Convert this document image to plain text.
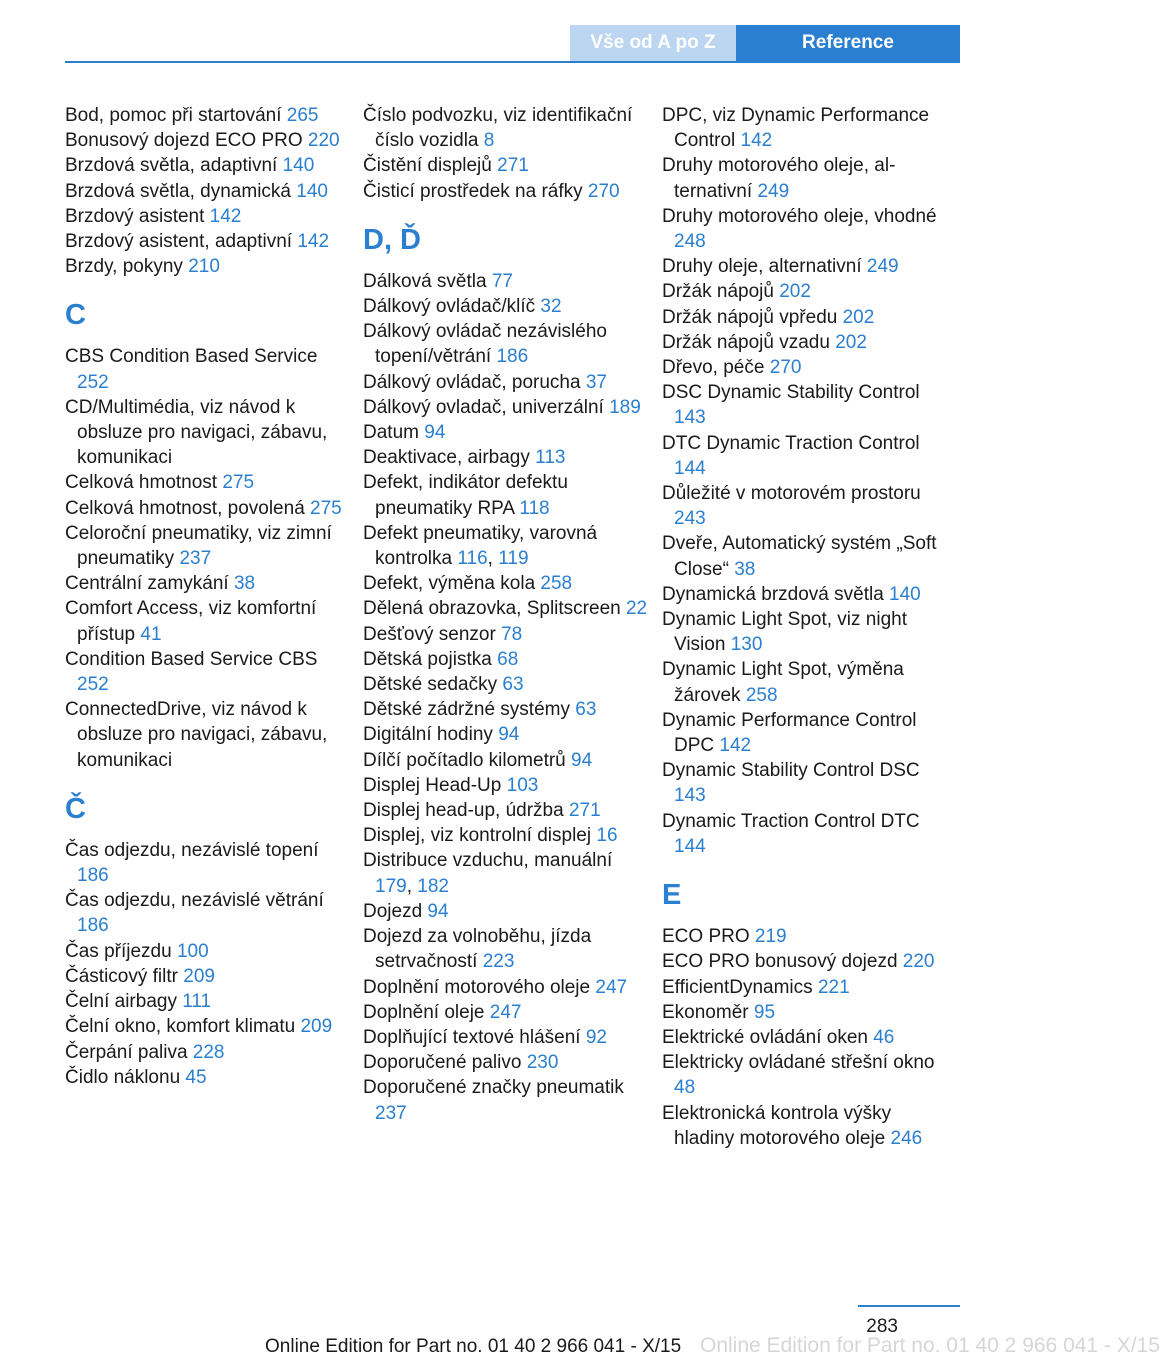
Vše od A po Z	Reference

Bod, pomoc při startování 265

Bonusový dojezd ECO PRO 220

Brzdová světla, adaptivní 140

Brzdová světla, dynamická 140

Brzdový asistent 142

Brzdový asistent, adaptivní 142

Brzdy, pokyny 210

C

CBS Condition Based Service 252

CD/Multimédia, viz návod k obsluze pro navigaci, zábavu, komunikaci

Celková hmotnost 275

Celková hmotnost, povolená 275

Celoroční pneumatiky, viz zimní pneumatiky 237

Centrální zamykání 38

Comfort Access, viz komfortní přístup 41

Condition Based Service CBS 252

ConnectedDrive, viz návod k obsluze pro navigaci, zábavu, komunikaci

Č

Čas odjezdu, nezávislé topení 186

Čas odjezdu, nezávislé větrání 186

Čas příjezdu 100

Částicový filtr 209

Čelní airbagy 111

Čelní okno, komfort klimatu 209

Čerpání paliva 228

Čidlo náklonu 45

Číslo podvozku, viz identifikační číslo vozidla 8

Čistění displejů 271

Čisticí prostředek na ráfky 270

D, Ď

Dálková světla 77

Dálkový ovládač/klíč 32

Dálkový ovládač nezávislého topení/větrání 186

Dálkový ovládač, porucha 37

Dálkový ovladač, univerzální 189

Datum 94

Deaktivace, airbagy 113

Defekt, indikátor defektu pneumatiky RPA 118

Defekt pneumatiky, varovná kontrolka 116, 119

Defekt, výměna kola 258

Dělená obrazovka, Splitscreen 22

Dešťový senzor 78

Dětská pojistka 68

Dětské sedačky 63

Dětské zádržné systémy 63

Digitální hodiny 94

Dílčí počítadlo kilometrů 94

Displej Head-Up 103

Displej head-up, údržba 271

Displej, viz kontrolní displej 16

Distribuce vzduchu, manuální 179, 182

Dojezd 94

Dojezd za volnoběhu, jízda setrvačností 223

Doplnění motorového oleje 247

Doplnění oleje 247

Doplňující textové hlášení 92

Doporučené palivo 230

Doporučené značky pneumatik 237

DPC, viz Dynamic Performance Control 142

Druhy motorového oleje, alternativní 249

Druhy motorového oleje, vhodné 248

Druhy oleje, alternativní 249

Držák nápojů 202

Držák nápojů vpředu 202

Držák nápojů vzadu 202

Dřevo, péče 270

DSC Dynamic Stability Control 143

DTC Dynamic Traction Control 144

Důležité v motorovém prostoru 243

Dveře, Automatický systém „Soft Close“ 38

Dynamická brzdová světla 140

Dynamic Light Spot, viz night Vision 130

Dynamic Light Spot, výměna žárovek 258

Dynamic Performance Control DPC 142

Dynamic Stability Control DSC 143

Dynamic Traction Control DTC 144

E

ECO PRO 219

ECO PRO bonusový dojezd 220

EfficientDynamics 221

Ekonoměr 95

Elektrické ovládání oken 46

Elektricky ovládané střešní okno 48

Elektronická kontrola výšky hladiny motorového oleje 246

283
Online Edition for Part no. 01 40 2 966 041 - X/15 Online Edition for Part no. 01 40 2 966 041 - X/15
